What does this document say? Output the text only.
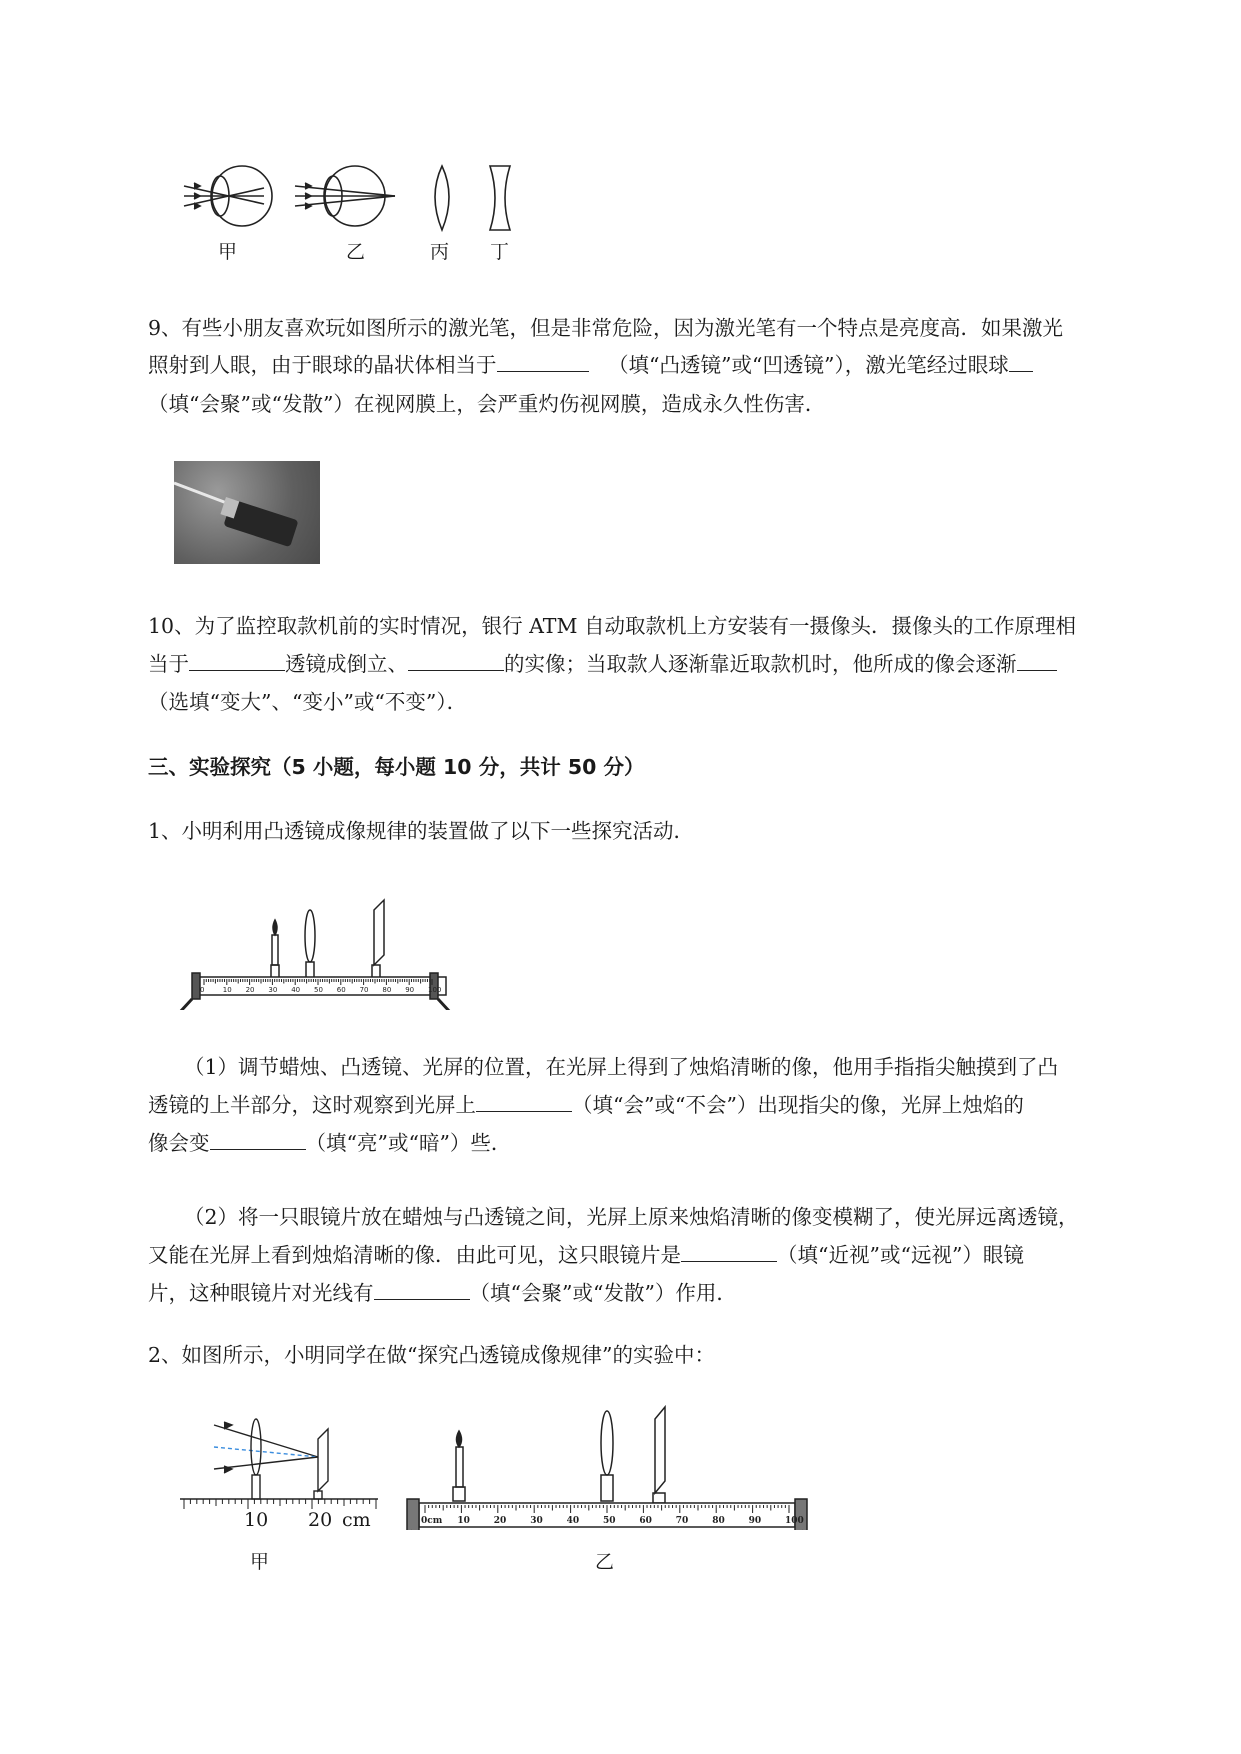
甲	乙	丙 丁
9、有些小朋友喜欢玩如图所示的激光笔，但是非常危险，因为激光笔有一个特点是亮度高．如果激光
照射到人眼，由于眼球的晶状体相当于	（填“凸透镜”或“凹透镜”），激光笔经过眼球
（填“会聚”或“发散”）在视网膜上，会严重灼伤视网膜，造成永久性伤害．
10、为了监控取款机前的实时情况，银行 ATM 自动取款机上方安装有一摄像头．摄像头的工作原理相
当于	透镜成倒立、	的实像；当取款人逐渐靠近取款机时，他所成的像会逐渐
（选填“变大”、“变小”或“不变”）．
三、实验探究（5 小题，每小题 10 分，共计 50 分）
1、小明利用凸透镜成像规律的装置做了以下一些探究活动．
0	10 20 30 40 50 60 70 80 90 100
（1）调节蜡烛、凸透镜、光屏的位置，在光屏上得到了烛焰清晰的像，他用手指指尖触摸到了凸
透镜的上半部分，这时观察到光屏上	（填“会”或“不会”）出现指尖的像，光屏上烛焰的
像会变	（填“亮”或“暗”）些．
（2）将一只眼镜片放在蜡烛与凸透镜之间，光屏上原来烛焰清晰的像变模糊了，使光屏远离透镜，
又能在光屏上看到烛焰清晰的像．由此可见，这只眼镜片是	（填“近视”或“远视”）眼镜
片，这种眼镜片对光线有	（填“会聚”或“发散”）作用．
2、如图所示，小明同学在做“探究凸透镜成像规律”的实验中：
10 20 cm
甲
0cm 10	20	30	40	50	60	70	80	90	100
乙
